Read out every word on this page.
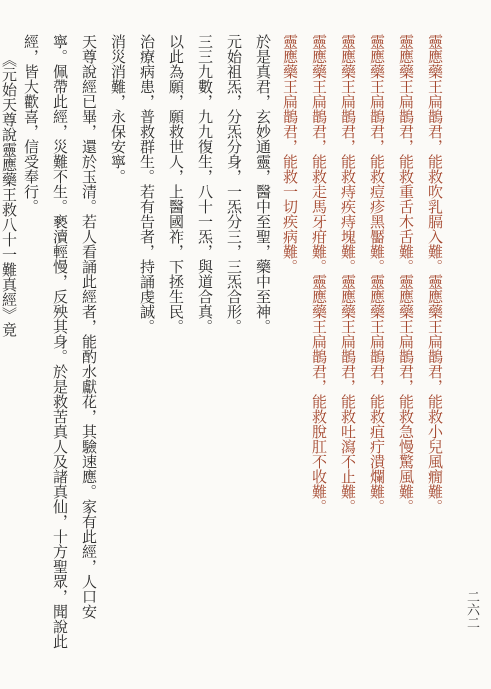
靈應藥王扁鵲君，能救吹乳膈入難。靈應藥王扁鵲君，能救小兒風癇難。
靈應藥王扁鵲君，能救重舌木舌難。靈應藥王扁鵲君，能救急慢驚風難。
靈應藥王扁鵲君，能救痘疹黑靨難。靈應藥王扁鵲君，能救疽疔潰爛難。
靈應藥王扁鵲君，能救痔疾痔塊難。靈應藥王扁鵲君，能救吐瀉不止難。
靈應藥王扁鵲君，能救走馬牙疳難。靈應藥王扁鵲君，能救脫肛不收難。
靈應藥王扁鵲君，能救一切疾病難。
於是真君，玄妙通靈，醫中至聖，藥中至神。
元始祖炁，分炁分身，一炁分三，三炁合形。
三三九數，九九復生，八十一炁，與道合真。
以此為願，願救世人，上醫國祚，下拯生民。
治療病患，普救群生。若有告者，持誦虔誠。
消災消難，永保安寧。
天尊說經已畢，還於玉清。若人看誦此經者，能酌水獻花，其驗速應。家有此經，人口安
寧。佩帶此經，災難不生。褻瀆輕慢，反殃其身。於是救苦真人及諸真仙，十方聖眾，聞說此
經，皆大歡喜，信受奉行。
《元始天尊說靈應藥王救八十一難真經》竟
二六二
